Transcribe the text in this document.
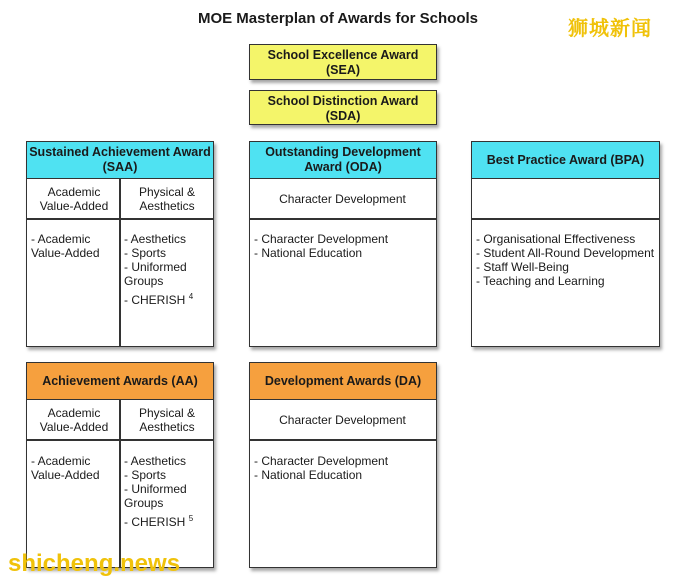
MOE Masterplan of Awards for Schools	狮城新闻
School Excellence Award
(SEA)
School Distinction Award
(SDA)
Sustained Achievement Award
(SAA)
Academic Value-Added
Physical & Aesthetics
- Academic Value-Added
- Aesthetics
- Sports
- Uniformed Groups
- CHERISH $^4$
Outstanding Development
Award (ODA)
Character Development
- Character Development
- National Education
Best Practice Award (BPA)
- Organisational Effectiveness
- Student All-Round Development
- Staff Well-Being
- Teaching and Learning
Achievement Awards (AA)
Academic Value-Added
Physical & Aesthetics
- Academic Value-Added
- Aesthetics
- Sports
- Uniformed Groups
- CHERISH $^5$
Development Awards (DA)
Character Development
- Character Development
- National Education
shicheng.news
